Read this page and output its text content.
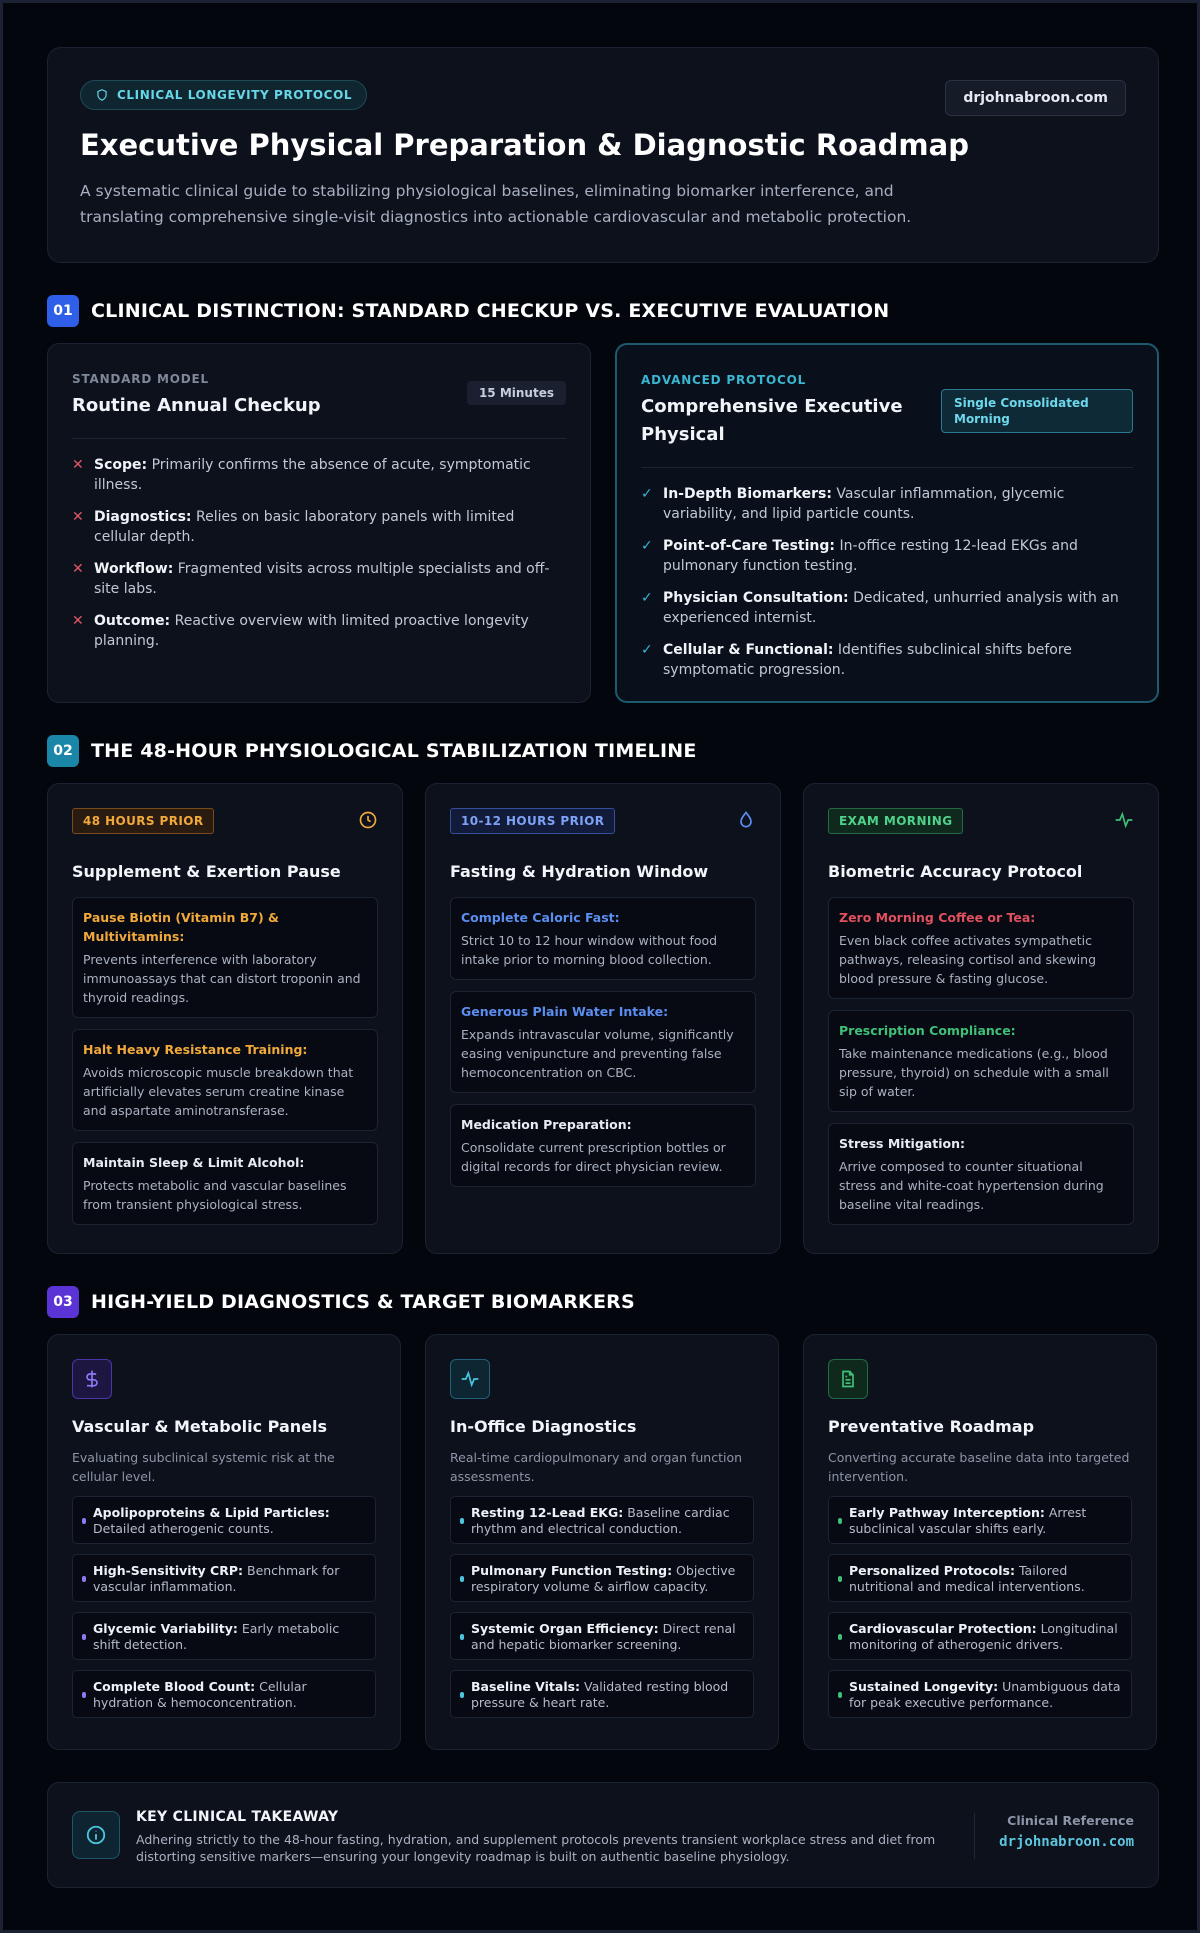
CLINICAL LONGEVITY PROTOCOL	drjohnabroon.com
Executive Physical Preparation & Diagnostic Roadmap

A systematic clinical guide to stabilizing physiological baselines, eliminating biomarker interference, and translating comprehensive single-visit diagnostics into actionable cardiovascular and metabolic protection.

01 CLINICAL DISTINCTION: STANDARD CHECKUP VS. EXECUTIVE EVALUATION
STANDARD MODEL
Routine Annual Checkup
15 Minutes
✕ Scope: Primarily confirms the absence of acute, symptomatic illness.
✕ Diagnostics: Relies on basic laboratory panels with limited cellular depth.
✕ Workflow: Fragmented visits across multiple specialists and off-site labs.
✕ Outcome: Reactive overview with limited proactive longevity planning.
ADVANCED PROTOCOL
Comprehensive Executive Physical
Single Consolidated Morning
✓ In-Depth Biomarkers: Vascular inflammation, glycemic variability, and lipid particle counts.
✓ Point-of-Care Testing: In-office resting 12-lead EKGs and pulmonary function testing.
✓ Physician Consultation: Dedicated, unhurried analysis with an experienced internist.
✓ Cellular & Functional: Identifies subclinical shifts before symptomatic progression.
02 THE 48-HOUR PHYSIOLOGICAL STABILIZATION TIMELINE
48 HOURS PRIOR
Supplement & Exertion Pause
Pause Biotin (Vitamin B7) & Multivitamins:

Prevents interference with laboratory immunoassays that can distort troponin and thyroid readings.

Halt Heavy Resistance Training:

Avoids microscopic muscle breakdown that artificially elevates serum creatine kinase and aspartate aminotransferase.

Maintain Sleep & Limit Alcohol:

Protects metabolic and vascular baselines from transient physiological stress.

10-12 HOURS PRIOR
Fasting & Hydration Window
Complete Caloric Fast:

Strict 10 to 12 hour window without food intake prior to morning blood collection.

Generous Plain Water Intake:

Expands intravascular volume, significantly easing venipuncture and preventing false hemoconcentration on CBC.

Medication Preparation:

Consolidate current prescription bottles or digital records for direct physician review.

EXAM MORNING
Biometric Accuracy Protocol
Zero Morning Coffee or Tea:

Even black coffee activates sympathetic pathways, releasing cortisol and skewing blood pressure & fasting glucose.

Prescription Compliance:

Take maintenance medications (e.g., blood pressure, thyroid) on schedule with a small sip of water.

Stress Mitigation:

Arrive composed to counter situational stress and white-coat hypertension during baseline vital readings.

03 HIGH-YIELD DIAGNOSTICS & TARGET BIOMARKERS
Vascular & Metabolic Panels
Evaluating subclinical systemic risk at the cellular level.
Apolipoproteins & Lipid Particles: Detailed atherogenic counts.
High-Sensitivity CRP: Benchmark for vascular inflammation.
Glycemic Variability: Early metabolic shift detection.
Complete Blood Count: Cellular hydration & hemoconcentration.
In-Office Diagnostics
Real-time cardiopulmonary and organ function assessments.
Resting 12-Lead EKG: Baseline cardiac rhythm and electrical conduction.
Pulmonary Function Testing: Objective respiratory volume & airflow capacity.
Systemic Organ Efficiency: Direct renal and hepatic biomarker screening.
Baseline Vitals: Validated resting blood pressure & heart rate.
Preventative Roadmap
Converting accurate baseline data into targeted intervention.
Early Pathway Interception: Arrest subclinical vascular shifts early.
Personalized Protocols: Tailored nutritional and medical interventions.
Cardiovascular Protection: Longitudinal monitoring of atherogenic drivers.
Sustained Longevity: Unambiguous data for peak executive performance.
KEY CLINICAL TAKEAWAY

Adhering strictly to the 48-hour fasting, hydration, and supplement protocols prevents transient workplace stress and diet from distorting sensitive markers—ensuring your longevity roadmap is built on authentic baseline physiology.

Clinical Reference
drjohnabroon.com
